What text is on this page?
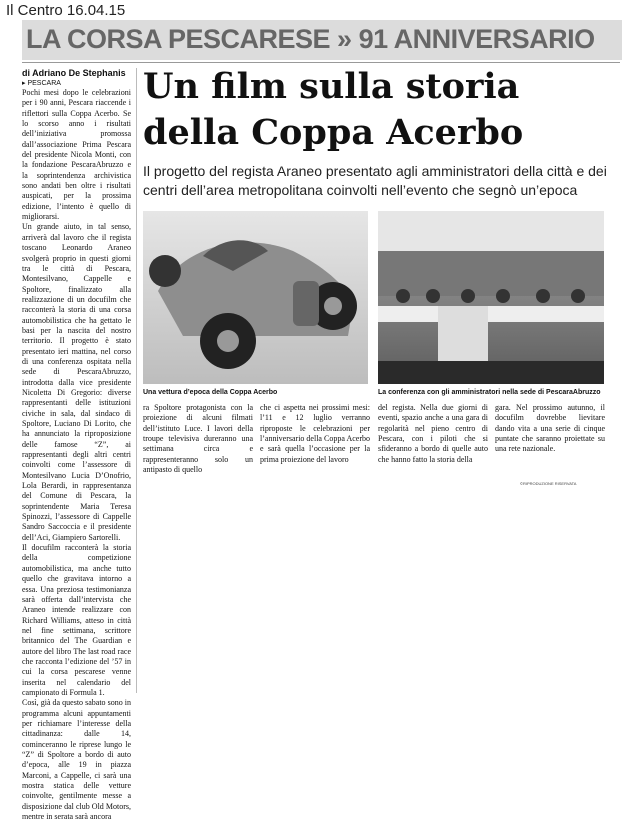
Il Centro 16.04.15
LA CORSA PESCARESE » 91 ANNIVERSARIO
di Adriano De Stephanis
▸ PESCARA Un film sulla storia della Coppa Acerbo
Il progetto del regista Araneo presentato agli amministratori della città e dei centri dell’area metropolitana coinvolti nell’evento che segnò un’epoca
Pochi mesi dopo le celebrazioni per i 90 anni, Pescara riaccende i riflettori sulla Coppa Acerbo. Se lo scorso anno i risultati dell’iniziativa promossa dall’associazione Prima Pescara del presidente Nicola Monti, con la fondazione PescaraAbruzzo e la soprintendenza archivistica sono andati ben oltre i risultati auspicati, per la prossima edizione, l’intento è quello di migliorarsi.
Un grande aiuto, in tal senso, arriverà dal lavoro che il regista toscano Leonardo Araneo svolgerà proprio in questi giorni tra le città di Pescara, Montesilvano, Cappelle e Spoltore, finalizzato alla realizzazione di un docufilm che racconterà la storia di una corsa automobilistica che ha gettato le basi per la nascita del nostro territorio. Il progetto è stato presentato ieri mattina, nel corso di una conferenza ospitata nella sede di PescaraAbruzzo, introdotta dalla vice presidente Nicoletta Di Gregorio: diverse rappresentanti delle istituzioni civiche in sala, dal sindaco di Spoltore, Luciano Di Lorito, che ha annunciato la riproposizione delle famose “Z”, ai rappresentanti degli altri centri coinvolti come l’assessore di Montesilvano Lucia D’Onofrio, Lola Berardi, in rappresentanza del Comune di Pescara, la soprintendente Maria Teresa Spinozzi, l’assessore di Cappelle Sandro Saccoccia e il presidente dell’Aci, Giampiero Sartorelli.
Il docufilm racconterà la storia della competizione automobilistica, ma anche tutto quello che gravitava intorno a essa. Una preziosa testimonianza sarà offerta dall’intervista che Araneo intende realizzare con Richard Williams, atteso in città nel fine settimana, scrittore britannico del The Guardian e autore del libro The last road race che racconta l’edizione del ’57 in cui la corsa pescarese venne inserita nel calendario del campionato di Formula 1.
Così, già da questo sabato sono in programma alcuni appuntamenti per richiamare l’interesse della cittadinanza: dalle 14, cominceranno le riprese lungo le “Z” di Spoltore a bordo di auto d’epoca, alle 19 in piazza Marconi, a Cappelle, ci sarà una mostra statica delle vetture coinvolte, gentilmente messe a disposizione dal club Old Motors, mentre in serata sarà ancora
Una vettura d’epoca della Coppa Acerbo	La conferenza con gli amministratori nella sede di PescaraAbruzzo
ra Spoltore protagonista con la proiezione di alcuni filmati dell’istituto Luce. I lavori della troupe televisiva dureranno una settimana circa e rappresenteranno solo un antipasto di quello
che ci aspetta nei prossimi mesi: l’11 e 12 luglio verranno riproposte le celebrazioni per l’anniversario della Coppa Acerbo e sarà quella l’occasione per la prima proiezione del lavoro
del regista. Nella due giorni di eventi, spazio anche a una gara di regolarità nel pieno centro di Pescara, con i piloti che si sfideranno a bordo di quelle auto che hanno fatto la storia della
gara. Nel prossimo autunno, il docufilm dovrebbe lievitare dando vita a una serie di cinque puntate che saranno proiettate su una rete nazionale.
©RIPRODUZIONE RISERVATA
